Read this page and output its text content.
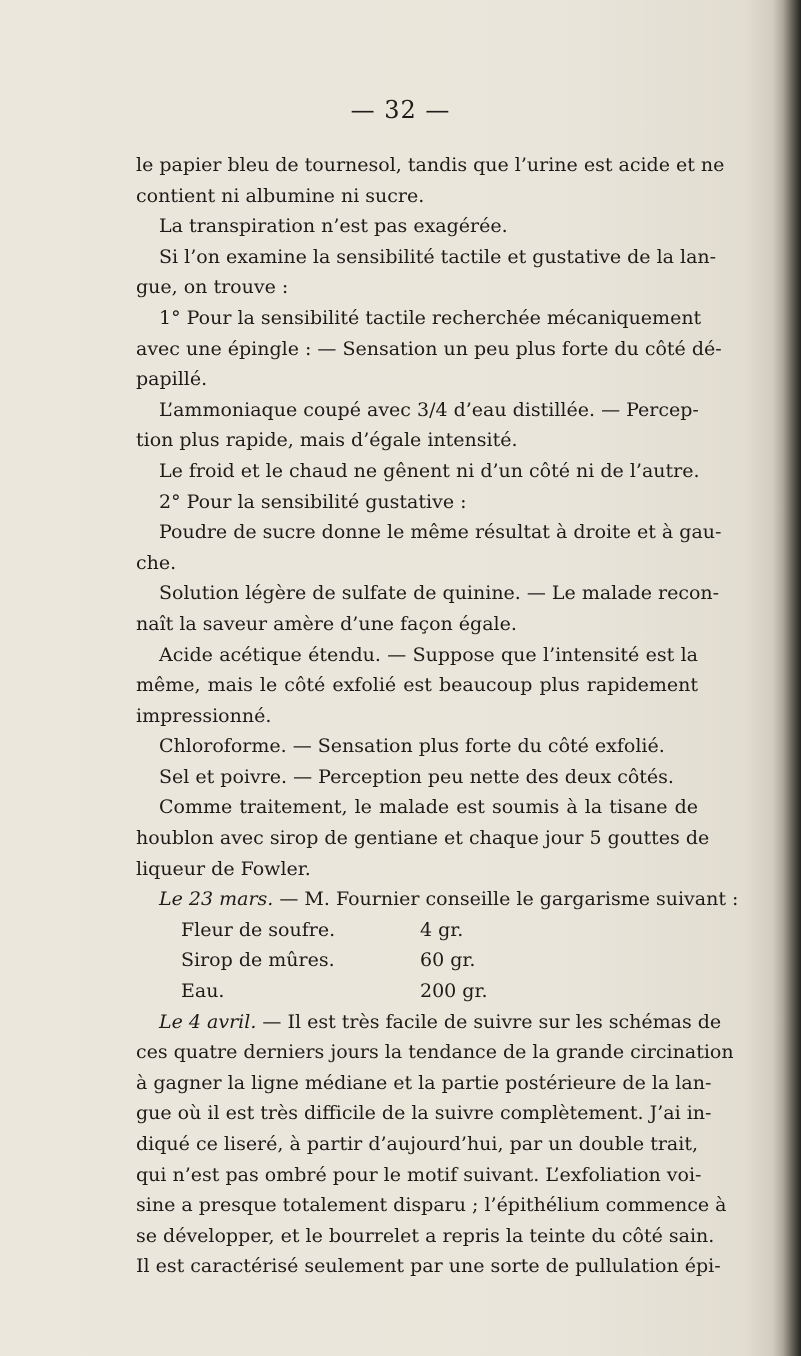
— 32 —
le papier bleu de tournesol, tandis que l’urine est acide et ne
contient ni albumine ni sucre.
La transpiration n’est pas exagérée.
Si l’on examine la sensibilité tactile et gustative de la lan-
gue, on trouve :
1° Pour la sensibilité tactile recherchée mécaniquement
avec une épingle : — Sensation un peu plus forte du côté dé-
papillé.
L’ammoniaque coupé avec 3/4 d’eau distillée. — Percep-
tion plus rapide, mais d’égale intensité.
Le froid et le chaud ne gênent ni d’un côté ni de l’autre.
2° Pour la sensibilité gustative :
Poudre de sucre donne le même résultat à droite et à gau-
che.
Solution légère de sulfate de quinine. — Le malade recon-
naît la saveur amère d’une façon égale.
Acide acétique étendu. — Suppose que l’intensité est la
même, mais le côté exfolié est beaucoup plus rapidement
impressionné.
Chloroforme. — Sensation plus forte du côté exfolié.
Sel et poivre. — Perception peu nette des deux côtés.
Comme traitement, le malade est soumis à la tisane de
houblon avec sirop de gentiane et chaque jour 5 gouttes de
liqueur de Fowler.
Le 23 mars. — M. Fournier conseille le gargarisme suivant :
Fleur de soufre.	4 gr.
Sirop de mûres.	60 gr.
Eau.	200 gr.
Le 4 avril. — Il est très facile de suivre sur les schémas de
ces quatre derniers jours la tendance de la grande circination
à gagner la ligne médiane et la partie postérieure de la lan-
gue où il est très difficile de la suivre complètement. J’ai in-
diqué ce liseré, à partir d’aujourd’hui, par un double trait,
qui n’est pas ombré pour le motif suivant. L’exfoliation voi-
sine a presque totalement disparu ; l’épithélium commence à
se développer, et le bourrelet a repris la teinte du côté sain.
Il est caractérisé seulement par une sorte de pullulation épi-
